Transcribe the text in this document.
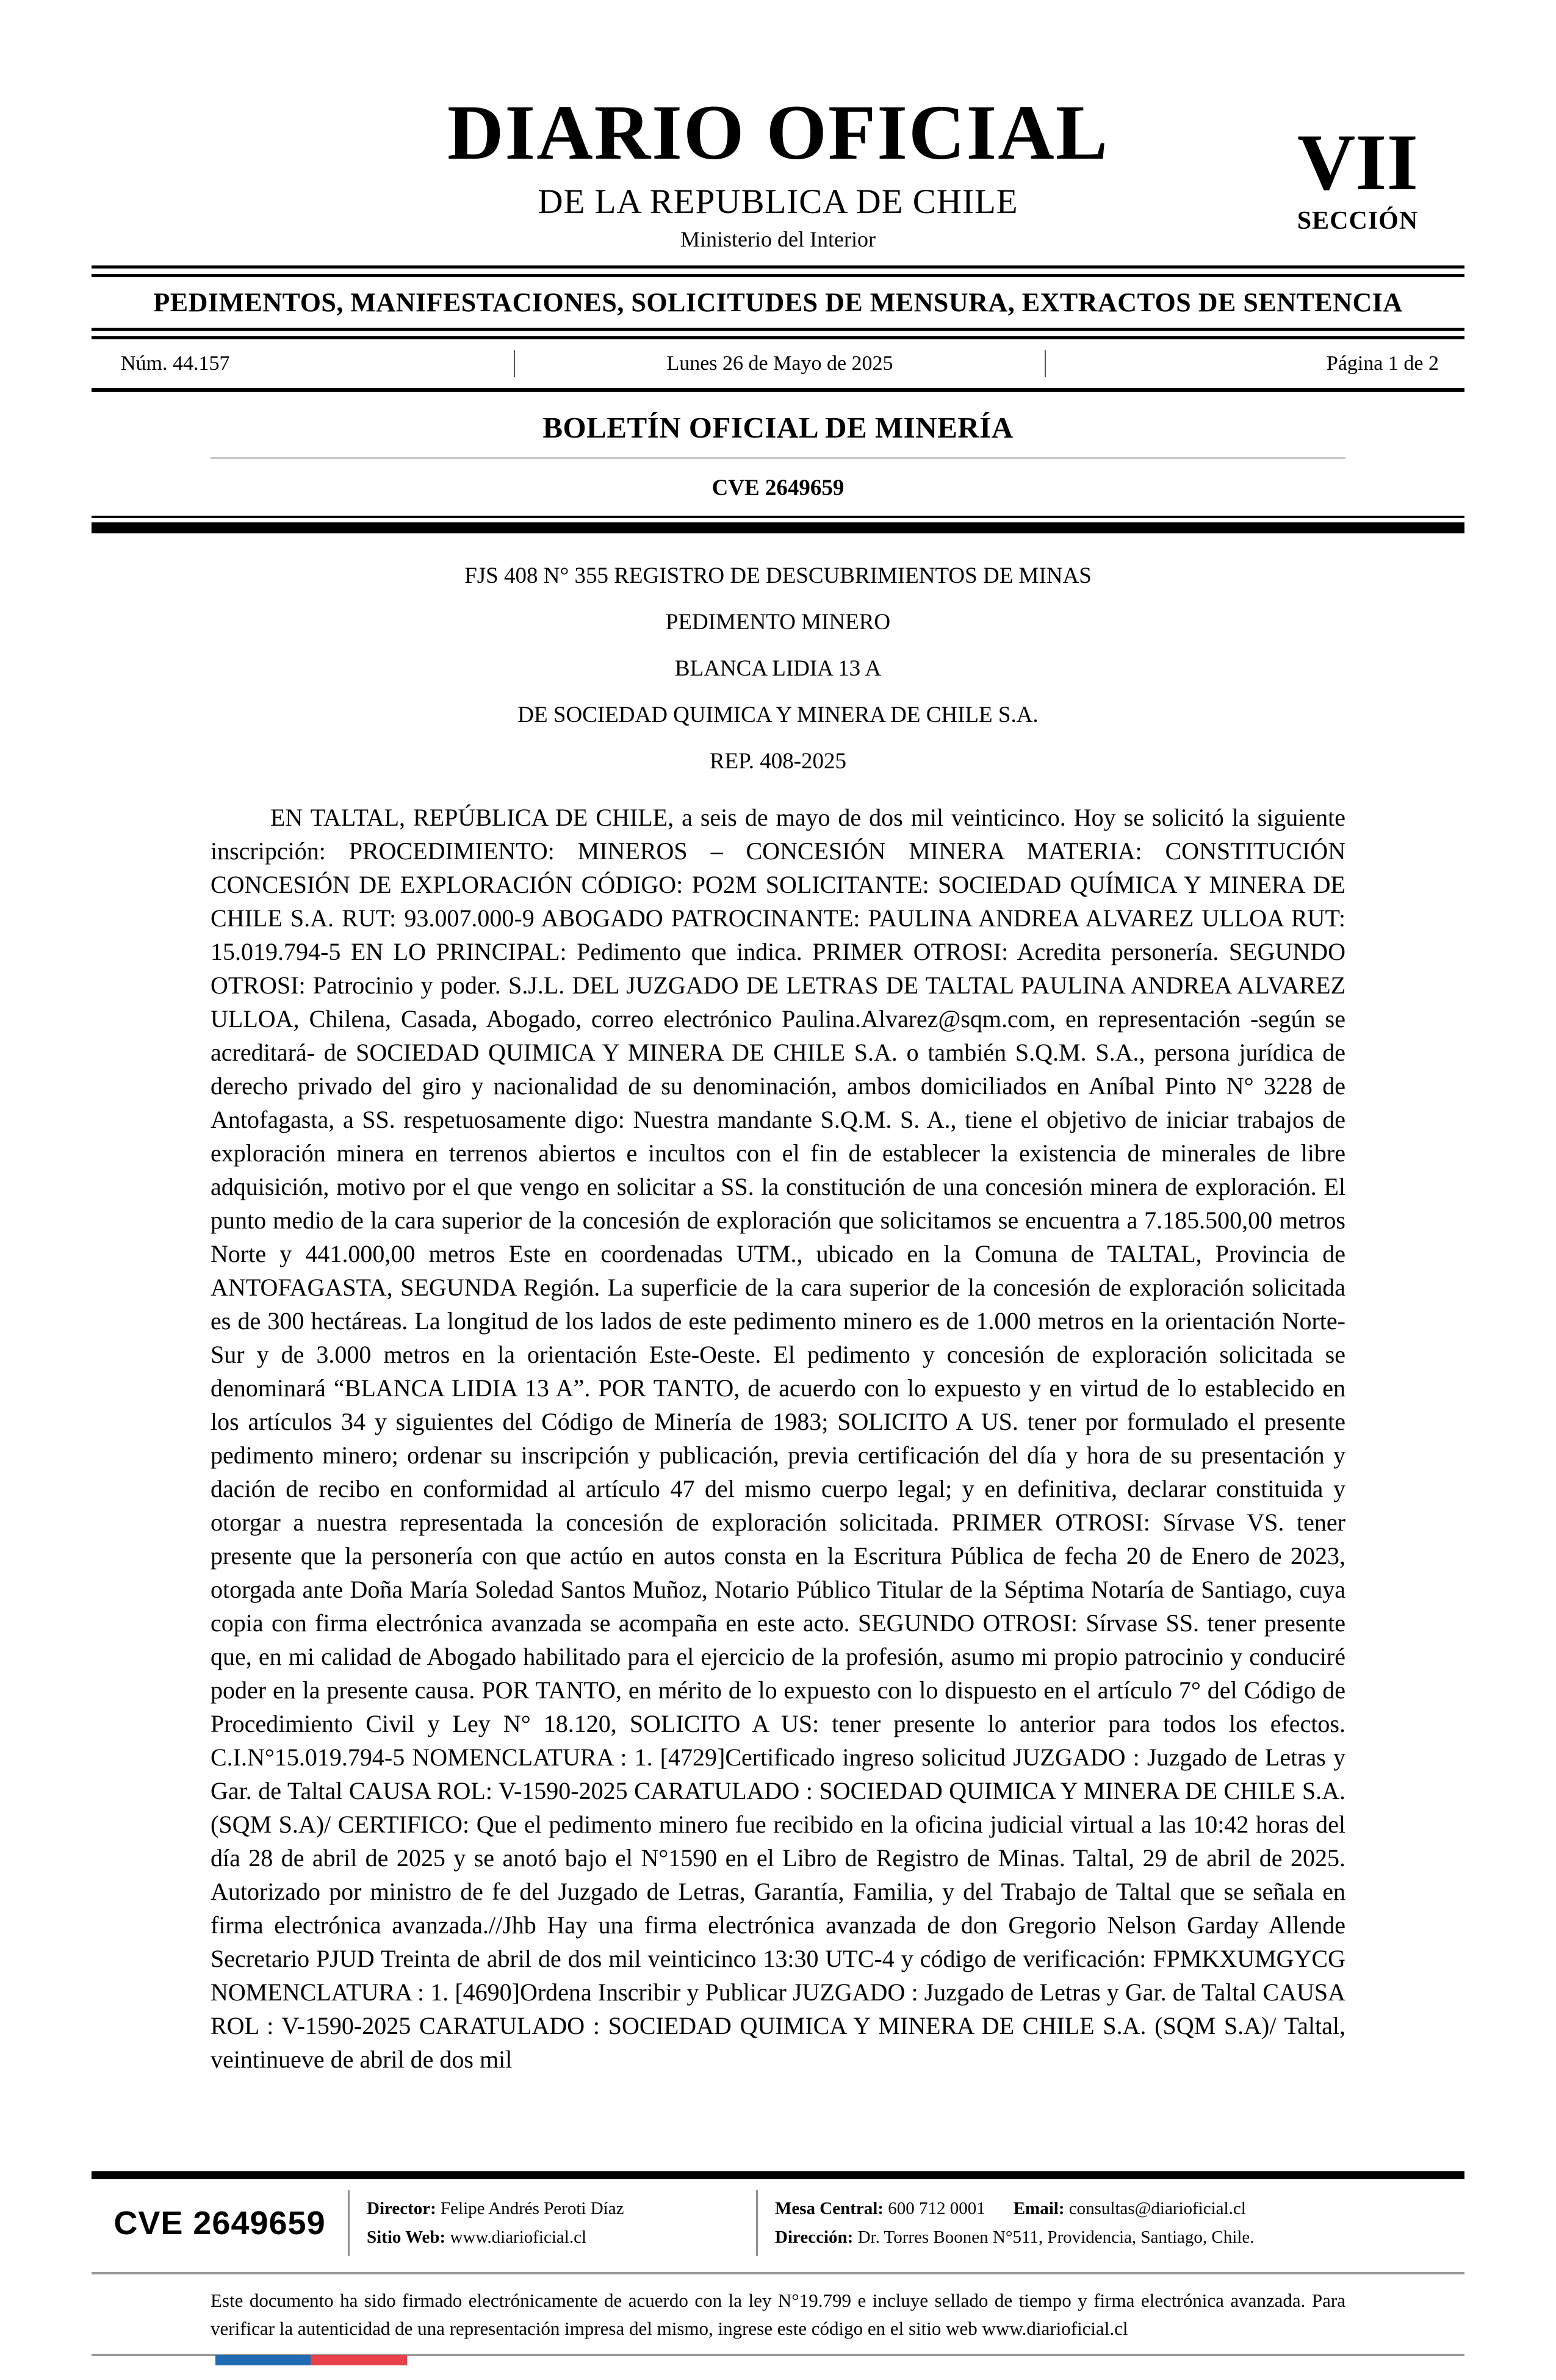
DIARIO OFICIAL
DE LA REPUBLICA DE CHILE
Ministerio del Interior
VII
SECCIÓN
PEDIMENTOS, MANIFESTACIONES, SOLICITUDES DE MENSURA, EXTRACTOS DE SENTENCIA
Núm. 44.157	Lunes 26 de Mayo de 2025	Página 1 de 2
BOLETÍN OFICIAL DE MINERÍA
CVE 2649659
FJS 408 N° 355 REGISTRO DE DESCUBRIMIENTOS DE MINAS
PEDIMENTO MINERO
BLANCA LIDIA 13 A
DE SOCIEDAD QUIMICA Y MINERA DE CHILE S.A.
REP. 408-2025

EN TALTAL, REPÚBLICA DE CHILE, a seis de mayo de dos mil veinticinco. Hoy se solicitó la siguiente inscripción: PROCEDIMIENTO: MINEROS – CONCESIÓN MINERA MATERIA: CONSTITUCIÓN CONCESIÓN DE EXPLORACIÓN CÓDIGO: PO2M SOLICITANTE: SOCIEDAD QUÍMICA Y MINERA DE CHILE S.A. RUT: 93.007.000-9 ABOGADO PATROCINANTE: PAULINA ANDREA ALVAREZ ULLOA RUT: 15.019.794-5 EN LO PRINCIPAL: Pedimento que indica. PRIMER OTROSI: Acredita personería. SEGUNDO OTROSI: Patrocinio y poder. S.J.L. DEL JUZGADO DE LETRAS DE TALTAL PAULINA ANDREA ALVAREZ ULLOA, Chilena, Casada, Abogado, correo electrónico Paulina.Alvarez@sqm.com, en representación -según se acreditará- de SOCIEDAD QUIMICA Y MINERA DE CHILE S.A. o también S.Q.M. S.A., persona jurídica de derecho privado del giro y nacionalidad de su denominación, ambos domiciliados en Aníbal Pinto N° 3228 de Antofagasta, a SS. respetuosamente digo: Nuestra mandante S.Q.M. S. A., tiene el objetivo de iniciar trabajos de exploración minera en terrenos abiertos e incultos con el fin de establecer la existencia de minerales de libre adquisición, motivo por el que vengo en solicitar a SS. la constitución de una concesión minera de exploración. El punto medio de la cara superior de la concesión de exploración que solicitamos se encuentra a 7.185.500,00 metros Norte y 441.000,00 metros Este en coordenadas UTM., ubicado en la Comuna de TALTAL, Provincia de ANTOFAGASTA, SEGUNDA Región. La superficie de la cara superior de la concesión de exploración solicitada es de 300 hectáreas. La longitud de los lados de este pedimento minero es de 1.000 metros en la orientación Norte-Sur y de 3.000 metros en la orientación Este-Oeste. El pedimento y concesión de exploración solicitada se denominará “BLANCA LIDIA 13 A”. POR TANTO, de acuerdo con lo expuesto y en virtud de lo establecido en los artículos 34 y siguientes del Código de Minería de 1983; SOLICITO A US. tener por formulado el presente pedimento minero; ordenar su inscripción y publicación, previa certificación del día y hora de su presentación y dación de recibo en conformidad al artículo 47 del mismo cuerpo legal; y en definitiva, declarar constituida y otorgar a nuestra representada la concesión de exploración solicitada. PRIMER OTROSI: Sírvase VS. tener presente que la personería con que actúo en autos consta en la Escritura Pública de fecha 20 de Enero de 2023, otorgada ante Doña María Soledad Santos Muñoz, Notario Público Titular de la Séptima Notaría de Santiago, cuya copia con firma electrónica avanzada se acompaña en este acto. SEGUNDO OTROSI: Sírvase SS. tener presente que, en mi calidad de Abogado habilitado para el ejercicio de la profesión, asumo mi propio patrocinio y conduciré poder en la presente causa. POR TANTO, en mérito de lo expuesto con lo dispuesto en el artículo 7° del Código de Procedimiento Civil y Ley N° 18.120, SOLICITO A US: tener presente lo anterior para todos los efectos. C.I.N°15.019.794-5 NOMENCLATURA : 1. [4729]Certificado ingreso solicitud JUZGADO : Juzgado de Letras y Gar. de Taltal CAUSA ROL: V-1590-2025 CARATULADO : SOCIEDAD QUIMICA Y MINERA DE CHILE S.A. (SQM S.A)/ CERTIFICO: Que el pedimento minero fue recibido en la oficina judicial virtual a las 10:42 horas del día 28 de abril de 2025 y se anotó bajo el N°1590 en el Libro de Registro de Minas. Taltal, 29 de abril de 2025. Autorizado por ministro de fe del Juzgado de Letras, Garantía, Familia, y del Trabajo de Taltal que se señala en firma electrónica avanzada.//Jhb Hay una firma electrónica avanzada de don Gregorio Nelson Garday Allende Secretario PJUD Treinta de abril de dos mil veinticinco 13:30 UTC-4 y código de verificación: FPMKXUMGYCG NOMENCLATURA : 1. [4690]Ordena Inscribir y Publicar JUZGADO : Juzgado de Letras y Gar. de Taltal CAUSA ROL : V-1590-2025 CARATULADO : SOCIEDAD QUIMICA Y MINERA DE CHILE S.A. (SQM S.A)/ Taltal, veintinueve de abril de dos mil

CVE 2649659	Director: Felipe Andrés Peroti Díaz
Sitio Web: www.diarioficial.cl
Mesa Central: 600 712 0001 Email: consultas@diarioficial.cl
Dirección: Dr. Torres Boonen N°511, Providencia, Santiago, Chile.

Este documento ha sido firmado electrónicamente de acuerdo con la ley N°19.799 e incluye sellado de tiempo y firma electrónica avanzada. Para verificar la autenticidad de una representación impresa del mismo, ingrese este código en el sitio web www.diarioficial.cl
